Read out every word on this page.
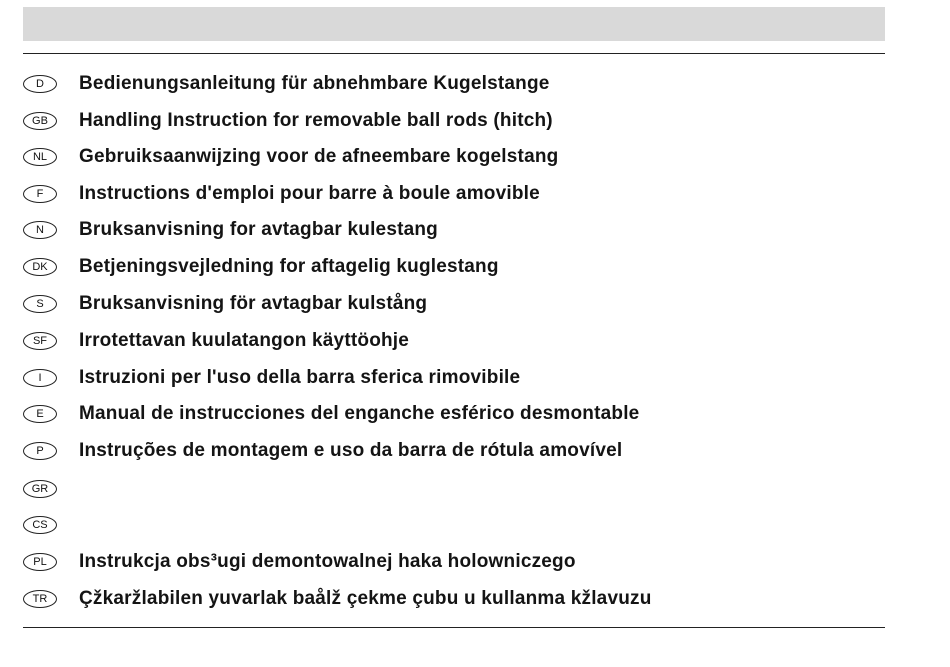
D	Bedienungsanleitung für abnehmbare Kugelstange
GB	Handling Instruction for removable ball rods (hitch)
NL	Gebruiksaanwijzing voor de afneembare kogelstang
F	Instructions d'emploi pour barre à boule amovible
N	Bruksanvisning for avtagbar kulestang
DK	Betjeningsvejledning for aftagelig kuglestang
S	Bruksanvisning för avtagbar kulstång
SF	Irrotettavan kuulatangon käyttöohje
I	Istruzioni per l'uso della barra sferica rimovibile
E	Manual de instrucciones del enganche esférico desmontable
P	Instruções de montagem e uso da barra de rótula amovível
GR
CS
PL	Instrukcja obs³ugi demontowalnej haka holowniczego
TR	Çžkaržlabilen yuvarlak baålž çekme çubu u kullanma kžlavuzu
